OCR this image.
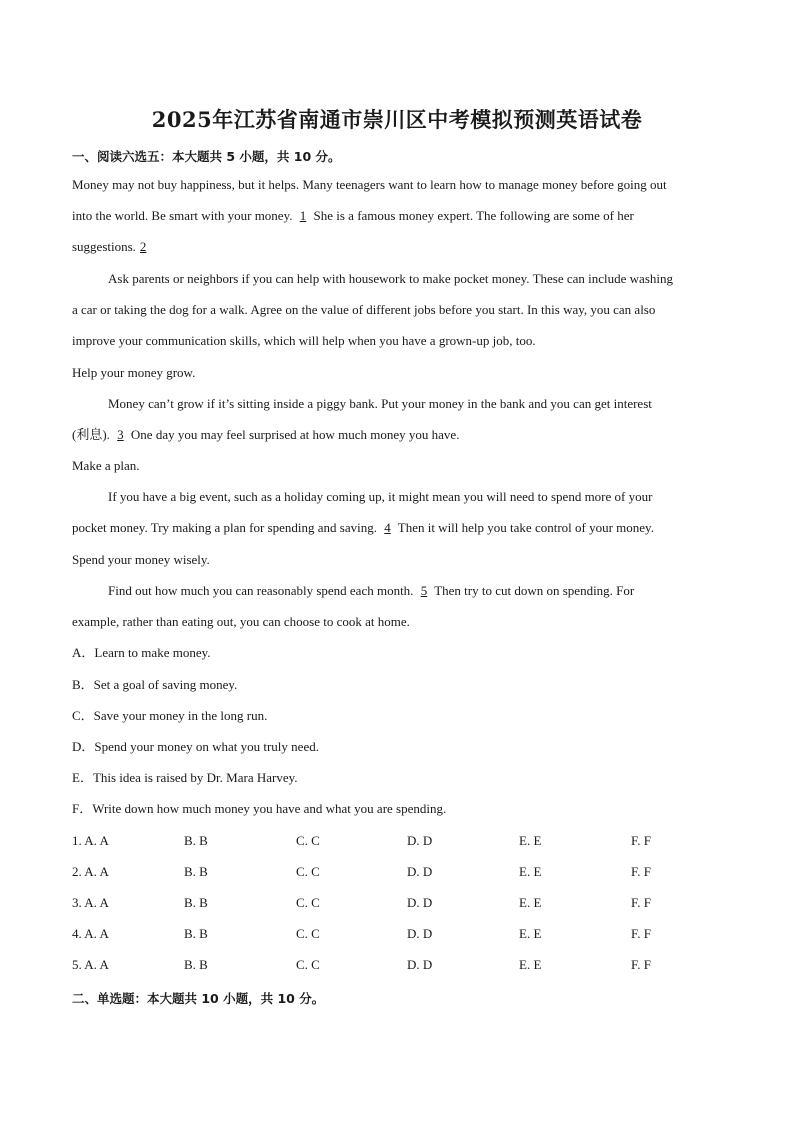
2025年江苏省南通市崇川区中考模拟预测英语试卷
一、阅读六选五：本大题共 5 小题，共 10 分。
Money may not buy happiness, but it helps. Many teenagers want to learn how to manage money before going out
into the world. Be smart with your money. 1 She is a famous money expert. The following are some of her
suggestions. 2
Ask parents or neighbors if you can help with housework to make pocket money. These can include washing
a car or taking the dog for a walk. Agree on the value of different jobs before you start. In this way, you can also
improve your communication skills, which will help when you have a grown-up job, too.
Help your money grow.
Money can’t grow if it’s sitting inside a piggy bank. Put your money in the bank and you can get interest
(利息). 3 One day you may feel surprised at how much money you have.
Make a plan.
If you have a big event, such as a holiday coming up, it might mean you will need to spend more of your
pocket money. Try making a plan for spending and saving. 4 Then it will help you take control of your money.
Spend your money wisely.
Find out how much you can reasonably spend each month. 5 Then try to cut down on spending. For
example, rather than eating out, you can choose to cook at home.
A．Learn to make money.
B．Set a goal of saving money.
C．Save your money in the long run.
D．Spend your money on what you truly need.
E．This idea is raised by Dr. Mara Harvey.
F．Write down how much money you have and what you are spending.
1. A. A	B. B	C. C	D. D	E. E	F. F
2. A. A	B. B	C. C	D. D	E. E	F. F
3. A. A	B. B	C. C	D. D	E. E	F. F
4. A. A	B. B	C. C	D. D	E. E	F. F
5. A. A	B. B	C. C	D. D	E. E	F. F
二、单选题：本大题共 10 小题，共 10 分。
